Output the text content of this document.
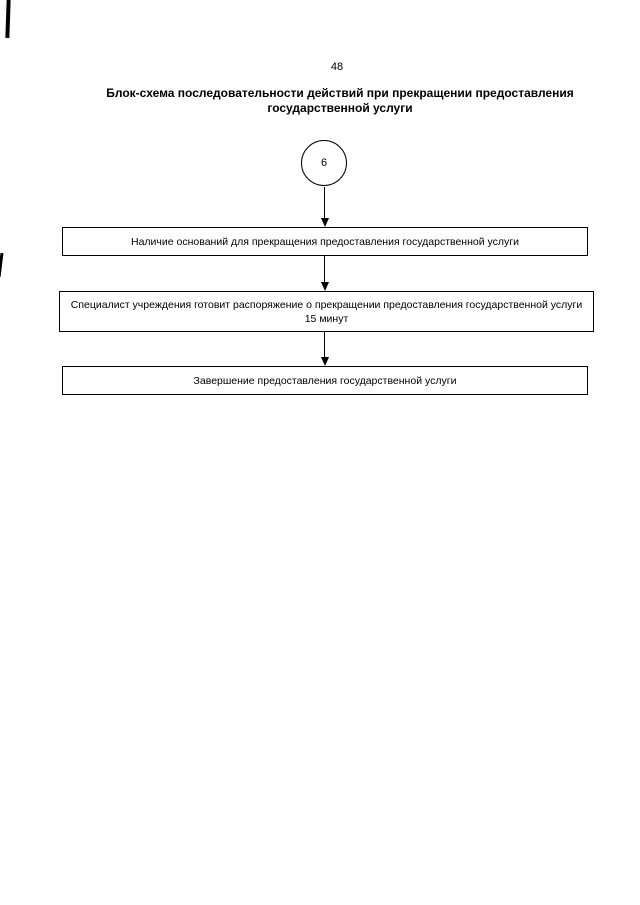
48
Блок-схема последовательности действий при прекращении предоставления
государственной услуги
6
Наличие оснований для прекращения предоставления государственной услуги
Специалист учреждения готовит распоряжение о прекращении предоставления государственной услуги
15 минут
Завершение предоставления государственной услуги
